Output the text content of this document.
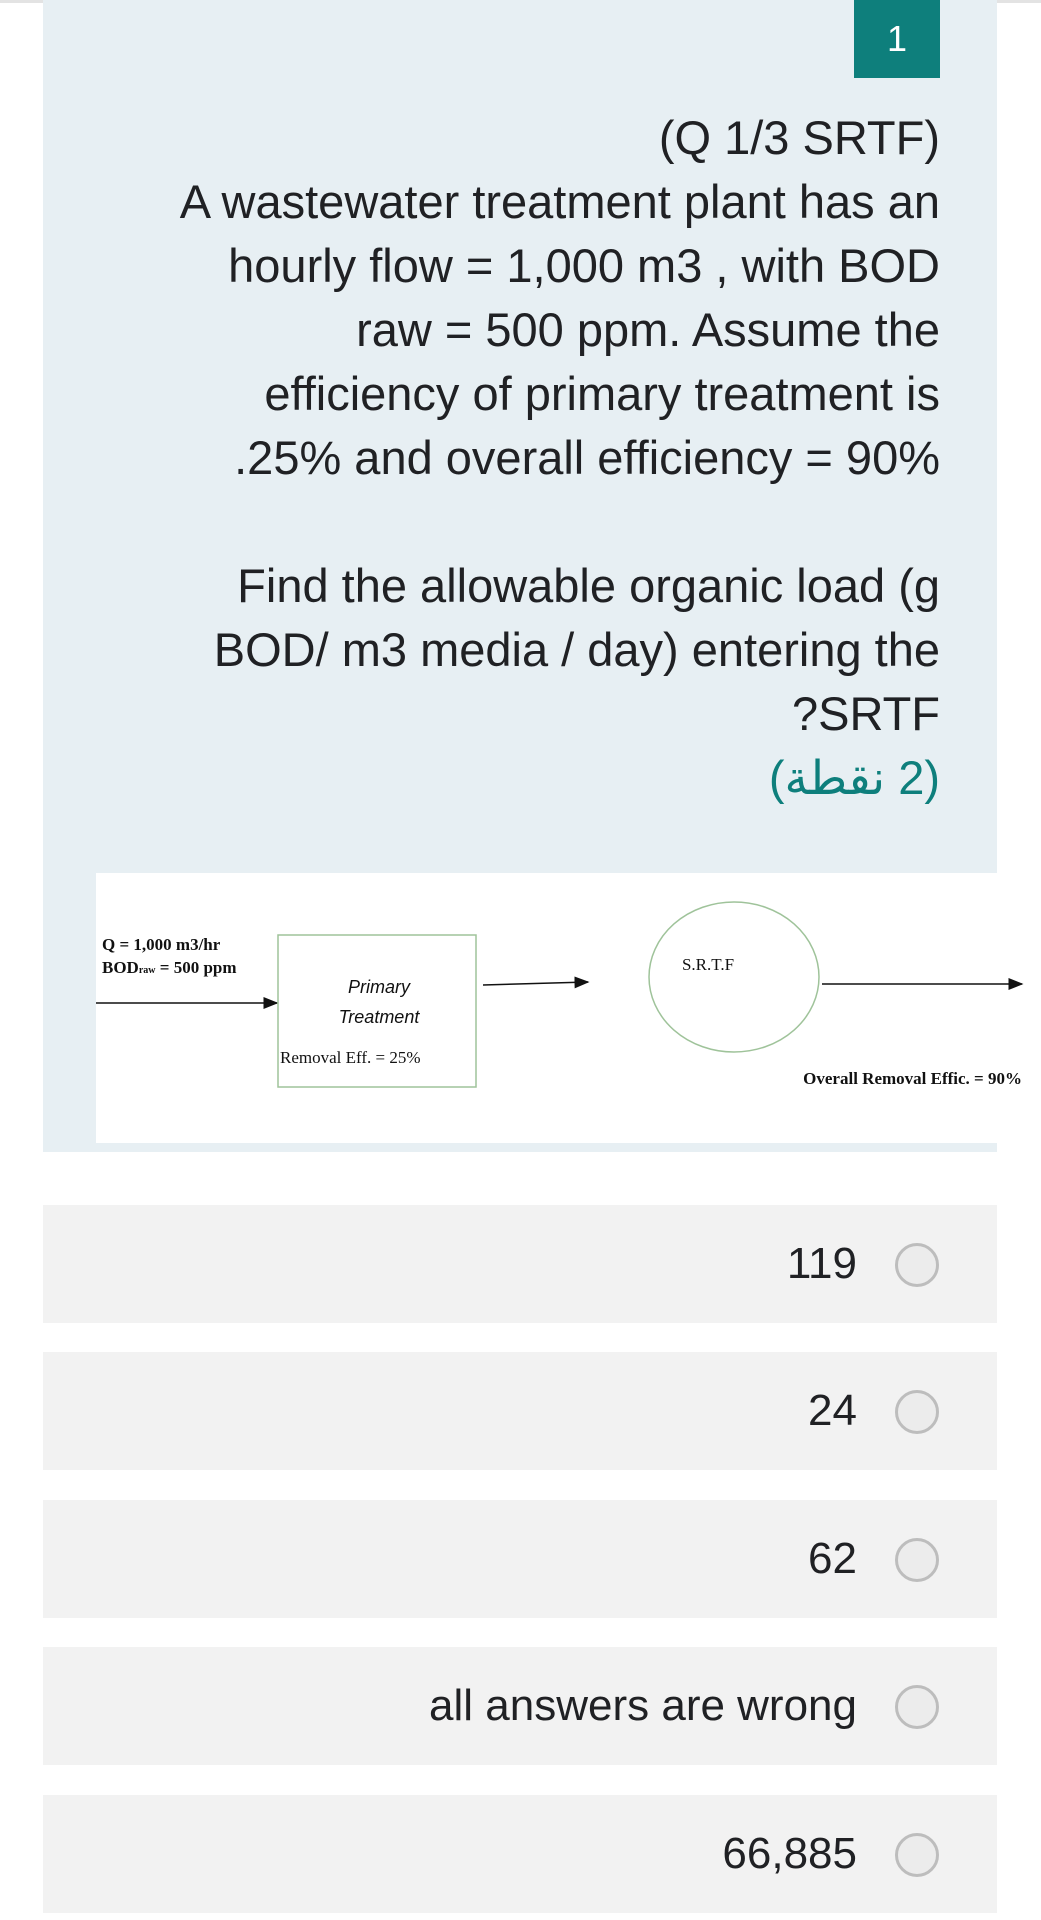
1

(Q 1/3 SRTF)

A wastewater treatment plant has an

hourly flow = 1,000 m3 , with BOD

raw = 500 ppm. Assume the

efficiency of primary treatment is

.25% and overall efficiency = 90%

Find the allowable organic load (g

BOD/ m3 media / day) entering the

?SRTF

(2 نقطة)

Q = 1,000 m3/hr
BODraw = 500 ppm
Primary
Treatment
Removal Eff. = 25%
S.R.T.F
Overall Removal Effic. = 90%
119
24
62
all answers are wrong
66,885
